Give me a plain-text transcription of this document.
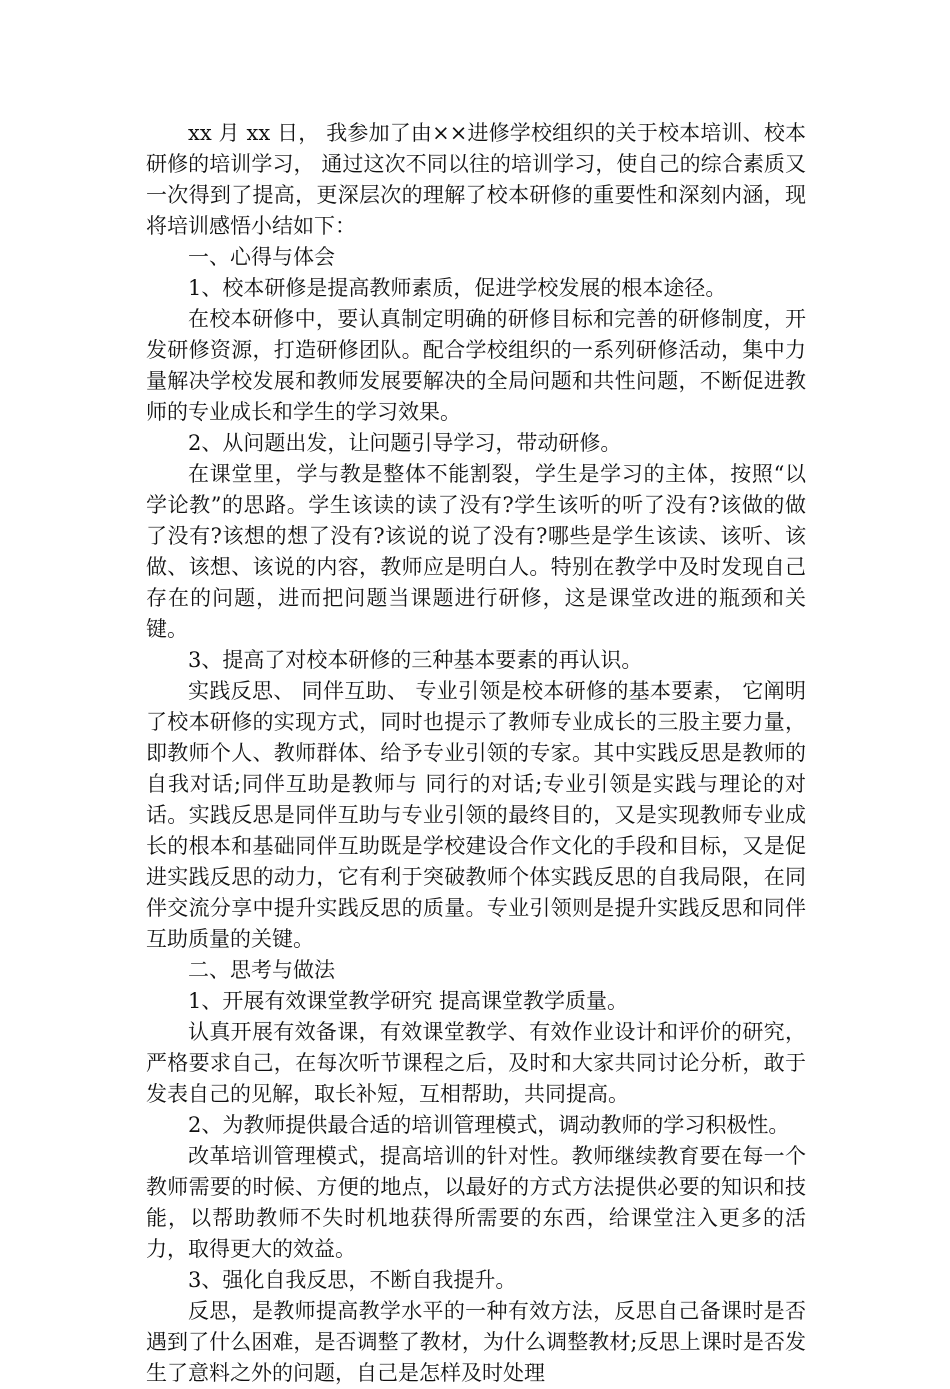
xx 月 xx 日， 我参加了由××进修学校组织的关于校本培训、校本研修的培训学习， 通过这次不同以往的培训学习，使自己的综合素质又一次得到了提高，更深层次的理解了校本研修的重要性和深刻内涵，现将培训感悟小结如下：

一、心得与体会

1、校本研修是提高教师素质，促进学校发展的根本途径。

在校本研修中，要认真制定明确的研修目标和完善的研修制度，开发研修资源，打造研修团队。配合学校组织的一系列研修活动，集中力量解决学校发展和教师发展要解决的全局问题和共性问题，不断促进教师的专业成长和学生的学习效果。

2、从问题出发，让问题引导学习，带动研修。

在课堂里，学与教是整体不能割裂，学生是学习的主体，按照“以学论教”的思路。学生该读的读了没有?学生该听的听了没有?该做的做了没有?该想的想了没有?该说的说了没有?哪些是学生该读、该听、该做、该想、该说的内容，教师应是明白人。特别在教学中及时发现自己存在的问题，进而把问题当课题进行研修，这是课堂改进的瓶颈和关键。

3、提高了对校本研修的三种基本要素的再认识。

实践反思、 同伴互助、 专业引领是校本研修的基本要素， 它阐明了校本研修的实现方式，同时也提示了教师专业成长的三股主要力量，即教师个人、教师群体、给予专业引领的专家。其中实践反思是教师的自我对话;同伴互助是教师与 同行的对话;专业引领是实践与理论的对话。实践反思是同伴互助与专业引领的最终目的，又是实现教师专业成长的根本和基础同伴互助既是学校建设合作文化的手段和目标，又是促进实践反思的动力，它有利于突破教师个体实践反思的自我局限，在同伴交流分享中提升实践反思的质量。专业引领则是提升实践反思和同伴互助质量的关键。

二、思考与做法

1、开展有效课堂教学研究 提高课堂教学质量。

认真开展有效备课，有效课堂教学、有效作业设计和评价的研究，严格要求自己，在每次听节课程之后，及时和大家共同讨论分析，敢于发表自己的见解，取长补短，互相帮助，共同提高。

2、为教师提供最合适的培训管理模式，调动教师的学习积极性。

改革培训管理模式，提高培训的针对性。教师继续教育要在每一个教师需要的时候、方便的地点，以最好的方式方法提供必要的知识和技能，以帮助教师不失时机地获得所需要的东西，给课堂注入更多的活力，取得更大的效益。

3、强化自我反思，不断自我提升。

反思，是教师提高教学水平的一种有效方法，反思自己备课时是否遇到了什么困难，是否调整了教材，为什么调整教材;反思上课时是否发生了意料之外的问题，自己是怎样及时处理
